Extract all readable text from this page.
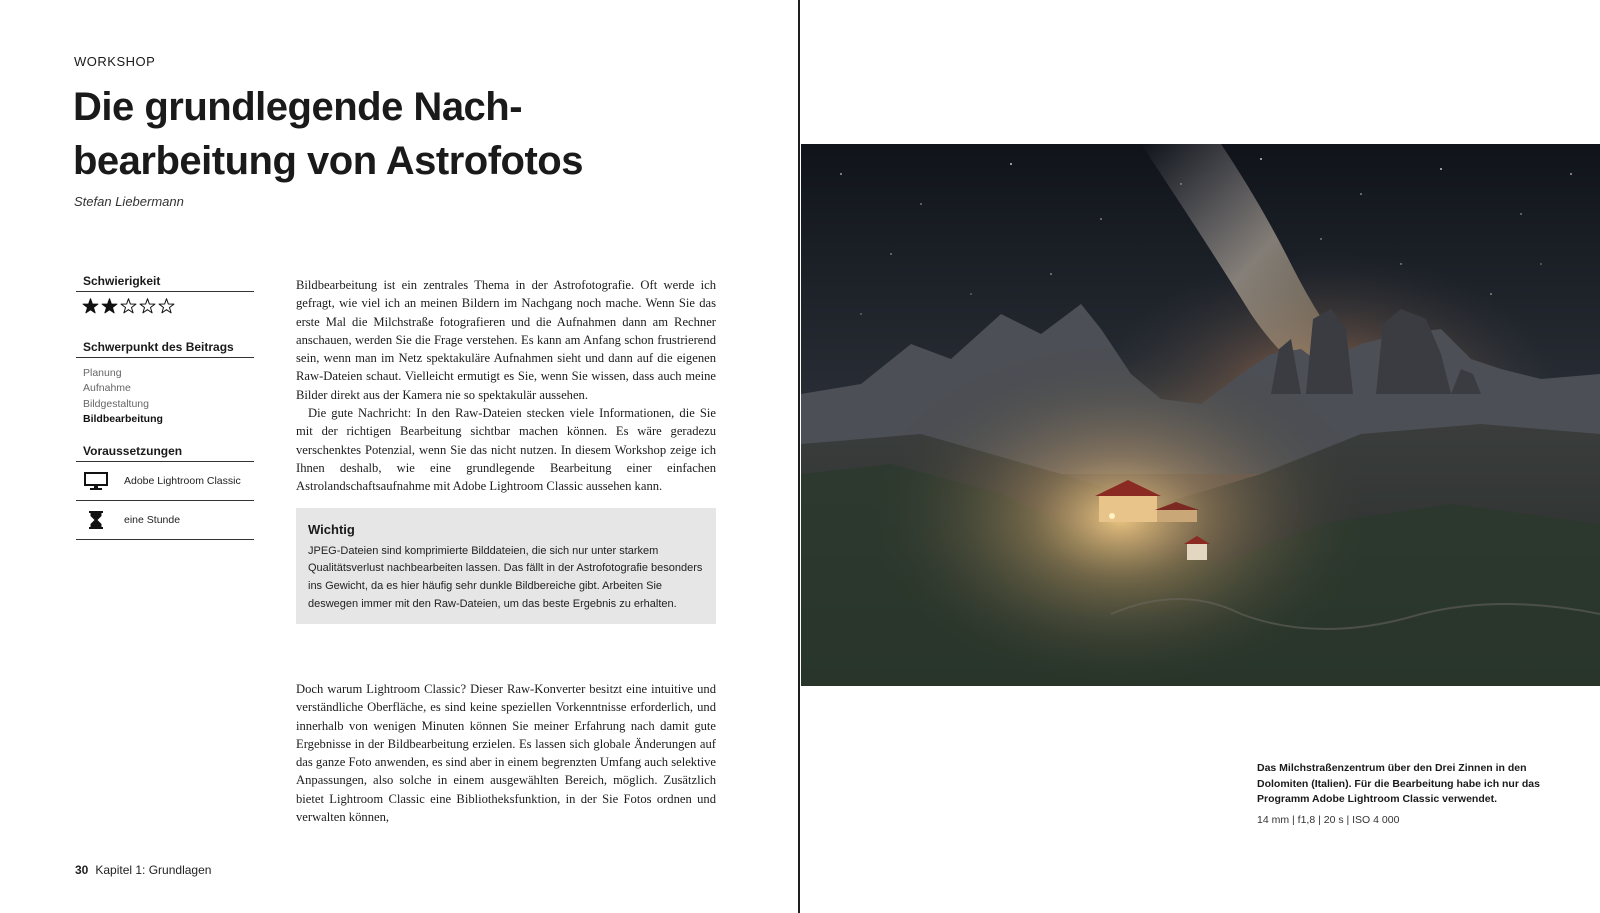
WORKSHOP
Die grundlegende Nach-
bearbeitung von Astrofotos
Stefan Liebermann
Schwierigkeit
Schwerpunkt des Beitrags
Planung
Aufnahme
Bildgestaltung
Bildbearbeitung
Voraussetzungen
Adobe Lightroom Classic
eine Stunde

Bildbearbeitung ist ein zentrales Thema in der Astrofotografie. Oft werde ich gefragt, wie viel ich an meinen Bildern im Nachgang noch mache. Wenn Sie das erste Mal die Milchstraße fotografieren und die Aufnahmen dann am Rechner anschauen, werden Sie die Frage verstehen. Es kann am Anfang schon frustrierend sein, wenn man im Netz spektakuläre Aufnahmen sieht und dann auf die eigenen Raw-Dateien schaut. Vielleicht ermutigt es Sie, wenn Sie wissen, dass auch meine Bilder direkt aus der Kamera nie so spektakulär aussehen.

Die gute Nachricht: In den Raw-Dateien stecken viele Informationen, die Sie mit der richtigen Bearbeitung sichtbar machen können. Es wäre geradezu verschenktes Potenzial, wenn Sie das nicht nutzen. In diesem Workshop zeige ich Ihnen deshalb, wie eine grundlegende Bearbeitung einer einfachen Astrolandschaftsaufnahme mit Adobe Lightroom Classic aussehen kann.

Wichtig

JPEG-Dateien sind komprimierte Bilddateien, die sich nur unter starkem Qualitätsverlust nachbearbeiten lassen. Das fällt in der Astrofotografie besonders ins Gewicht, da es hier häufig sehr dunkle Bildbereiche gibt. Arbeiten Sie deswegen immer mit den Raw-Dateien, um das beste Ergebnis zu erhalten.

Doch warum Lightroom Classic? Dieser Raw-Konverter besitzt eine intuitive und verständliche Oberfläche, es sind keine speziellen Vorkenntnisse erforderlich, und innerhalb von wenigen Minuten können Sie meiner Erfahrung nach damit gute Ergebnisse in der Bildbearbeitung erzielen. Es lassen sich globale Änderungen auf das ganze Foto anwenden, es sind aber in einem begrenzten Umfang auch selektive Anpassungen, also solche in einem ausgewählten Bereich, möglich. Zusätzlich bietet Lightroom Classic eine Bibliotheksfunktion, in der Sie Fotos ordnen und verwalten können,

30 Kapitel 1: Grundlagen

Das Milchstraßenzentrum über den Drei Zinnen in den Dolomiten (Italien). Für die Bearbeitung habe ich nur das Programm Adobe Lightroom Classic verwendet.

14 mm | f1,8 | 20 s | ISO 4 000
